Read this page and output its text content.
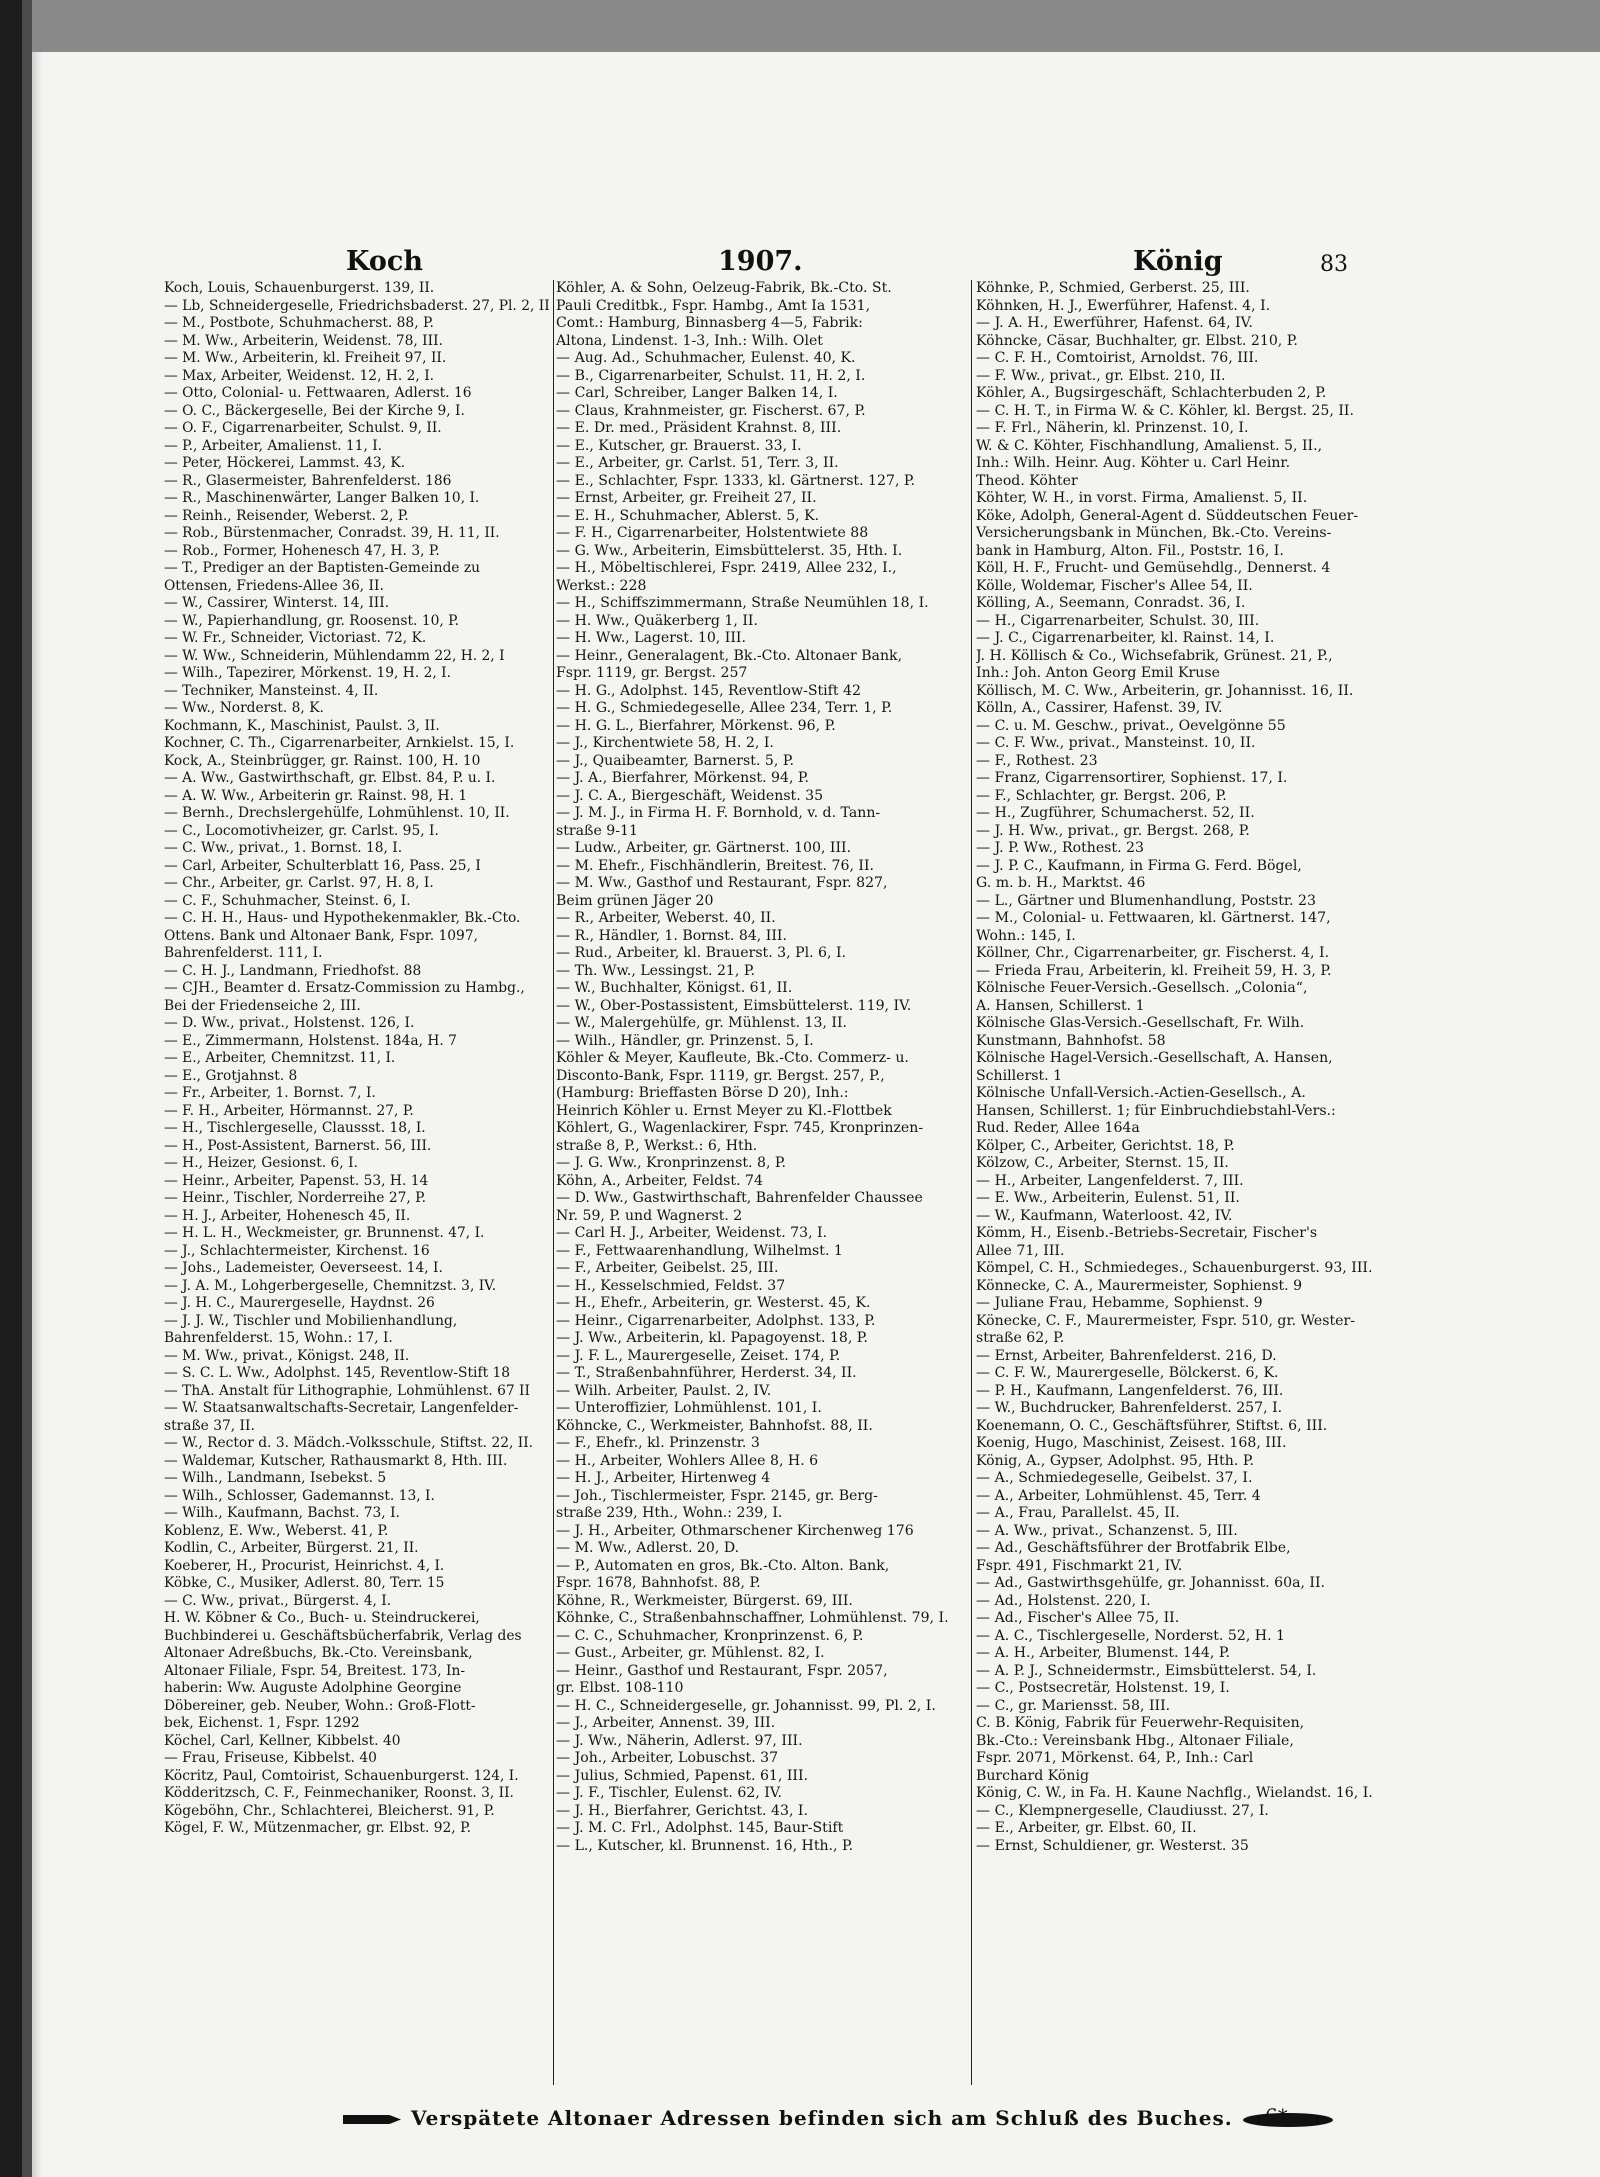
Koch	1907.	König	83
Koch, Louis, Schauenburgerst. 139, II.
— Lb, Schneidergeselle, Friedrichsbaderst. 27, Pl. 2, II
— M., Postbote, Schuhmacherst. 88, P.
— M. Ww., Arbeiterin, Weidenst. 78, III.
— M. Ww., Arbeiterin, kl. Freiheit 97, II.
— Max, Arbeiter, Weidenst. 12, H. 2, I.
— Otto, Colonial- u. Fettwaaren, Adlerst. 16
— O. C., Bäckergeselle, Bei der Kirche 9, I.
— O. F., Cigarrenarbeiter, Schulst. 9, II.
— P., Arbeiter, Amalienst. 11, I.
— Peter, Höckerei, Lammst. 43, K.
— R., Glasermeister, Bahrenfelderst. 186
— R., Maschinenwärter, Langer Balken 10, I.
— Reinh., Reisender, Weberst. 2, P.
— Rob., Bürstenmacher, Conradst. 39, H. 11, II.
— Rob., Former, Hohenesch 47, H. 3, P.
— T., Prediger an der Baptisten-Gemeinde zu
Ottensen, Friedens-Allee 36, II.
— W., Cassirer, Winterst. 14, III.
— W., Papierhandlung, gr. Roosenst. 10, P.
— W. Fr., Schneider, Victoriast. 72, K.
— W. Ww., Schneiderin, Mühlendamm 22, H. 2, I
— Wilh., Tapezirer, Mörkenst. 19, H. 2, I.
— Techniker, Mansteinst. 4, II.
— Ww., Norderst. 8, K.
Kochmann, K., Maschinist, Paulst. 3, II.
Kochner, C. Th., Cigarrenarbeiter, Arnkielst. 15, I.
Kock, A., Steinbrügger, gr. Rainst. 100, H. 10
— A. Ww., Gastwirthschaft, gr. Elbst. 84, P. u. I.
— A. W. Ww., Arbeiterin gr. Rainst. 98, H. 1
— Bernh., Drechslergehülfe, Lohmühlenst. 10, II.
— C., Locomotivheizer, gr. Carlst. 95, I.
— C. Ww., privat., 1. Bornst. 18, I.
— Carl, Arbeiter, Schulterblatt 16, Pass. 25, I
— Chr., Arbeiter, gr. Carlst. 97, H. 8, I.
— C. F., Schuhmacher, Steinst. 6, I.
— C. H. H., Haus- und Hypothekenmakler, Bk.-Cto.
Ottens. Bank und Altonaer Bank, Fspr. 1097,
Bahrenfelderst. 111, I.
— C. H. J., Landmann, Friedhofst. 88
— CJH., Beamter d. Ersatz-Commission zu Hambg.,
Bei der Friedenseiche 2, III.
— D. Ww., privat., Holstenst. 126, I.
— E., Zimmermann, Holstenst. 184a, H. 7
— E., Arbeiter, Chemnitzst. 11, I.
— E., Grotjahnst. 8
— Fr., Arbeiter, 1. Bornst. 7, I.
— F. H., Arbeiter, Hörmannst. 27, P.
— H., Tischlergeselle, Claussst. 18, I.
— H., Post-Assistent, Barnerst. 56, III.
— H., Heizer, Gesionst. 6, I.
— Heinr., Arbeiter, Papenst. 53, H. 14
— Heinr., Tischler, Norderreihe 27, P.
— H. J., Arbeiter, Hohenesch 45, II.
— H. L. H., Weckmeister, gr. Brunnenst. 47, I.
— J., Schlachtermeister, Kirchenst. 16
— Johs., Lademeister, Oeverseest. 14, I.
— J. A. M., Lohgerbergeselle, Chemnitzst. 3, IV.
— J. H. C., Maurergeselle, Haydnst. 26
— J. J. W., Tischler und Mobilienhandlung,
Bahrenfelderst. 15, Wohn.: 17, I.
— M. Ww., privat., Königst. 248, II.
— S. C. L. Ww., Adolphst. 145, Reventlow-Stift 18
— ThA. Anstalt für Lithographie, Lohmühlenst. 67 II
— W. Staatsanwaltschafts-Secretair, Langenfelder-
straße 37, II.
— W., Rector d. 3. Mädch.-Volksschule, Stiftst. 22, II.
— Waldemar, Kutscher, Rathausmarkt 8, Hth. III.
— Wilh., Landmann, Isebekst. 5
— Wilh., Schlosser, Gademannst. 13, I.
— Wilh., Kaufmann, Bachst. 73, I.
Koblenz, E. Ww., Weberst. 41, P.
Kodlin, C., Arbeiter, Bürgerst. 21, II.
Koeberer, H., Procurist, Heinrichst. 4, I.
Köbke, C., Musiker, Adlerst. 80, Terr. 15
— C. Ww., privat., Bürgerst. 4, I.
H. W. Köbner & Co., Buch- u. Steindruckerei,
Buchbinderei u. Geschäftsbücherfabrik, Verlag des
Altonaer Adreßbuchs, Bk.-Cto. Vereinsbank,
Altonaer Filiale, Fspr. 54, Breitest. 173, In-
haberin: Ww. Auguste Adolphine Georgine
Döbereiner, geb. Neuber, Wohn.: Groß-Flott-
bek, Eichenst. 1, Fspr. 1292
Köchel, Carl, Kellner, Kibbelst. 40
— Frau, Friseuse, Kibbelst. 40
Köcritz, Paul, Comtoirist, Schauenburgerst. 124, I.
Ködderitzsch, C. F., Feinmechaniker, Roonst. 3, II.
Kögeböhn, Chr., Schlachterei, Bleicherst. 91, P.
Kögel, F. W., Mützenmacher, gr. Elbst. 92, P.
Köhler, A. & Sohn, Oelzeug-Fabrik, Bk.-Cto. St.
Pauli Creditbk., Fspr. Hambg., Amt Ia 1531,
Comt.: Hamburg, Binnasberg 4—5, Fabrik:
Altona, Lindenst. 1-3, Inh.: Wilh. Olet
— Aug. Ad., Schuhmacher, Eulenst. 40, K.
— B., Cigarrenarbeiter, Schulst. 11, H. 2, I.
— Carl, Schreiber, Langer Balken 14, I.
— Claus, Krahnmeister, gr. Fischerst. 67, P.
— E. Dr. med., Präsident Krahnst. 8, III.
— E., Kutscher, gr. Brauerst. 33, I.
— E., Arbeiter, gr. Carlst. 51, Terr. 3, II.
— E., Schlachter, Fspr. 1333, kl. Gärtnerst. 127, P.
— Ernst, Arbeiter, gr. Freiheit 27, II.
— E. H., Schuhmacher, Ablerst. 5, K.
— F. H., Cigarrenarbeiter, Holstentwiete 88
— G. Ww., Arbeiterin, Eimsbüttelerst. 35, Hth. I.
— H., Möbeltischlerei, Fspr. 2419, Allee 232, I.,
Werkst.: 228
— H., Schiffszimmermann, Straße Neumühlen 18, I.
— H. Ww., Quäkerberg 1, II.
— H. Ww., Lagerst. 10, III.
— Heinr., Generalagent, Bk.-Cto. Altonaer Bank,
Fspr. 1119, gr. Bergst. 257
— H. G., Adolphst. 145, Reventlow-Stift 42
— H. G., Schmiedegeselle, Allee 234, Terr. 1, P.
— H. G. L., Bierfahrer, Mörkenst. 96, P.
— J., Kirchentwiete 58, H. 2, I.
— J., Quaibeamter, Barnerst. 5, P.
— J. A., Bierfahrer, Mörkenst. 94, P.
— J. C. A., Biergeschäft, Weidenst. 35
— J. M. J., in Firma H. F. Bornhold, v. d. Tann-
straße 9-11
— Ludw., Arbeiter, gr. Gärtnerst. 100, III.
— M. Ehefr., Fischhändlerin, Breitest. 76, II.
— M. Ww., Gasthof und Restaurant, Fspr. 827,
Beim grünen Jäger 20
— R., Arbeiter, Weberst. 40, II.
— R., Händler, 1. Bornst. 84, III.
— Rud., Arbeiter, kl. Brauerst. 3, Pl. 6, I.
— Th. Ww., Lessingst. 21, P.
— W., Buchhalter, Königst. 61, II.
— W., Ober-Postassistent, Eimsbüttelerst. 119, IV.
— W., Malergehülfe, gr. Mühlenst. 13, II.
— Wilh., Händler, gr. Prinzenst. 5, I.
Köhler & Meyer, Kaufleute, Bk.-Cto. Commerz- u.
Disconto-Bank, Fspr. 1119, gr. Bergst. 257, P.,
(Hamburg: Brieffasten Börse D 20), Inh.:
Heinrich Köhler u. Ernst Meyer zu Kl.-Flottbek
Köhlert, G., Wagenlackirer, Fspr. 745, Kronprinzen-
straße 8, P., Werkst.: 6, Hth.
— J. G. Ww., Kronprinzenst. 8, P.
Köhn, A., Arbeiter, Feldst. 74
— D. Ww., Gastwirthschaft, Bahrenfelder Chaussee
Nr. 59, P. und Wagnerst. 2
— Carl H. J., Arbeiter, Weidenst. 73, I.
— F., Fettwaarenhandlung, Wilhelmst. 1
— F., Arbeiter, Geibelst. 25, III.
— H., Kesselschmied, Feldst. 37
— H., Ehefr., Arbeiterin, gr. Westerst. 45, K.
— Heinr., Cigarrenarbeiter, Adolphst. 133, P.
— J. Ww., Arbeiterin, kl. Papagoyenst. 18, P.
— J. F. L., Maurergeselle, Zeiset. 174, P.
— T., Straßenbahnführer, Herderst. 34, II.
— Wilh. Arbeiter, Paulst. 2, IV.
— Unteroffizier, Lohmühlenst. 101, I.
Köhncke, C., Werkmeister, Bahnhofst. 88, II.
— F., Ehefr., kl. Prinzenstr. 3
— H., Arbeiter, Wohlers Allee 8, H. 6
— H. J., Arbeiter, Hirtenweg 4
— Joh., Tischlermeister, Fspr. 2145, gr. Berg-
straße 239, Hth., Wohn.: 239, I.
— J. H., Arbeiter, Othmarschener Kirchenweg 176
— M. Ww., Adlerst. 20, D.
— P., Automaten en gros, Bk.-Cto. Alton. Bank,
Fspr. 1678, Bahnhofst. 88, P.
Köhne, R., Werkmeister, Bürgerst. 69, III.
Köhnke, C., Straßenbahnschaffner, Lohmühlenst. 79, I.
— C. C., Schuhmacher, Kronprinzenst. 6, P.
— Gust., Arbeiter, gr. Mühlenst. 82, I.
— Heinr., Gasthof und Restaurant, Fspr. 2057,
gr. Elbst. 108-110
— H. C., Schneidergeselle, gr. Johannisst. 99, Pl. 2, I.
— J., Arbeiter, Annenst. 39, III.
— J. Ww., Näherin, Adlerst. 97, III.
— Joh., Arbeiter, Lobuschst. 37
— Julius, Schmied, Papenst. 61, III.
— J. F., Tischler, Eulenst. 62, IV.
— J. H., Bierfahrer, Gerichtst. 43, I.
— J. M. C. Frl., Adolphst. 145, Baur-Stift
— L., Kutscher, kl. Brunnenst. 16, Hth., P.
Köhnke, P., Schmied, Gerberst. 25, III.
Köhnken, H. J., Ewerführer, Hafenst. 4, I.
— J. A. H., Ewerführer, Hafenst. 64, IV.
Köhncke, Cäsar, Buchhalter, gr. Elbst. 210, P.
— C. F. H., Comtoirist, Arnoldst. 76, III.
— F. Ww., privat., gr. Elbst. 210, II.
Köhler, A., Bugsirgeschäft, Schlachterbuden 2, P.
— C. H. T., in Firma W. & C. Köhler, kl. Bergst. 25, II.
— F. Frl., Näherin, kl. Prinzenst. 10, I.
W. & C. Köhter, Fischhandlung, Amalienst. 5, II.,
Inh.: Wilh. Heinr. Aug. Köhter u. Carl Heinr.
Theod. Köhter
Köhter, W. H., in vorst. Firma, Amalienst. 5, II.
Köke, Adolph, General-Agent d. Süddeutschen Feuer-
Versicherungsbank in München, Bk.-Cto. Vereins-
bank in Hamburg, Alton. Fil., Poststr. 16, I.
Köll, H. F., Frucht- und Gemüsehdlg., Dennerst. 4
Kölle, Woldemar, Fischer's Allee 54, II.
Kölling, A., Seemann, Conradst. 36, I.
— H., Cigarrenarbeiter, Schulst. 30, III.
— J. C., Cigarrenarbeiter, kl. Rainst. 14, I.
J. H. Köllisch & Co., Wichsefabrik, Grünest. 21, P.,
Inh.: Joh. Anton Georg Emil Kruse
Köllisch, M. C. Ww., Arbeiterin, gr. Johannisst. 16, II.
Kölln, A., Cassirer, Hafenst. 39, IV.
— C. u. M. Geschw., privat., Oevelgönne 55
— C. F. Ww., privat., Mansteinst. 10, II.
— F., Rothest. 23
— Franz, Cigarrensortirer, Sophienst. 17, I.
— F., Schlachter, gr. Bergst. 206, P.
— H., Zugführer, Schumacherst. 52, II.
— J. H. Ww., privat., gr. Bergst. 268, P.
— J. P. Ww., Rothest. 23
— J. P. C., Kaufmann, in Firma G. Ferd. Bögel,
G. m. b. H., Marktst. 46
— L., Gärtner und Blumenhandlung, Poststr. 23
— M., Colonial- u. Fettwaaren, kl. Gärtnerst. 147,
Wohn.: 145, I.
Köllner, Chr., Cigarrenarbeiter, gr. Fischerst. 4, I.
— Frieda Frau, Arbeiterin, kl. Freiheit 59, H. 3, P.
Kölnische Feuer-Versich.-Gesellsch. „Colonia“,
A. Hansen, Schillerst. 1
Kölnische Glas-Versich.-Gesellschaft, Fr. Wilh.
Kunstmann, Bahnhofst. 58
Kölnische Hagel-Versich.-Gesellschaft, A. Hansen,
Schillerst. 1
Kölnische Unfall-Versich.-Actien-Gesellsch., A.
Hansen, Schillerst. 1; für Einbruchdiebstahl-Vers.:
Rud. Reder, Allee 164a
Kölper, C., Arbeiter, Gerichtst. 18, P.
Kölzow, C., Arbeiter, Sternst. 15, II.
— H., Arbeiter, Langenfelderst. 7, III.
— E. Ww., Arbeiterin, Eulenst. 51, II.
— W., Kaufmann, Waterloost. 42, IV.
Kömm, H., Eisenb.-Betriebs-Secretair, Fischer's
Allee 71, III.
Kömpel, C. H., Schmiedeges., Schauenburgerst. 93, III.
Könnecke, C. A., Maurermeister, Sophienst. 9
— Juliane Frau, Hebamme, Sophienst. 9
Könecke, C. F., Maurermeister, Fspr. 510, gr. Wester-
straße 62, P.
— Ernst, Arbeiter, Bahrenfelderst. 216, D.
— C. F. W., Maurergeselle, Bölckerst. 6, K.
— P. H., Kaufmann, Langenfelderst. 76, III.
— W., Buchdrucker, Bahrenfelderst. 257, I.
Koenemann, O. C., Geschäftsführer, Stiftst. 6, III.
Koenig, Hugo, Maschinist, Zeisest. 168, III.
König, A., Gypser, Adolphst. 95, Hth. P.
— A., Schmiedegeselle, Geibelst. 37, I.
— A., Arbeiter, Lohmühlenst. 45, Terr. 4
— A., Frau, Parallelst. 45, II.
— A. Ww., privat., Schanzenst. 5, III.
— Ad., Geschäftsführer der Brotfabrik Elbe,
Fspr. 491, Fischmarkt 21, IV.
— Ad., Gastwirthsgehülfe, gr. Johannisst. 60a, II.
— Ad., Holstenst. 220, I.
— Ad., Fischer's Allee 75, II.
— A. C., Tischlergeselle, Norderst. 52, H. 1
— A. H., Arbeiter, Blumenst. 144, P.
— A. P. J., Schneidermstr., Eimsbüttelerst. 54, I.
— C., Postsecretär, Holstenst. 19, I.
— C., gr. Mariensst. 58, III.
C. B. König, Fabrik für Feuerwehr-Requisiten,
Bk.-Cto.: Vereinsbank Hbg., Altonaer Filiale,
Fspr. 2071, Mörkenst. 64, P., Inh.: Carl
Burchard König
König, C. W., in Fa. H. Kaune Nachflg., Wielandst. 16, I.
— C., Klempnergeselle, Claudiusst. 27, I.
— E., Arbeiter, gr. Elbst. 60, II.
— Ernst, Schuldiener, gr. Westerst. 35
Verspätete Altonaer Adressen befinden sich am Schluß des Buches.	6*
